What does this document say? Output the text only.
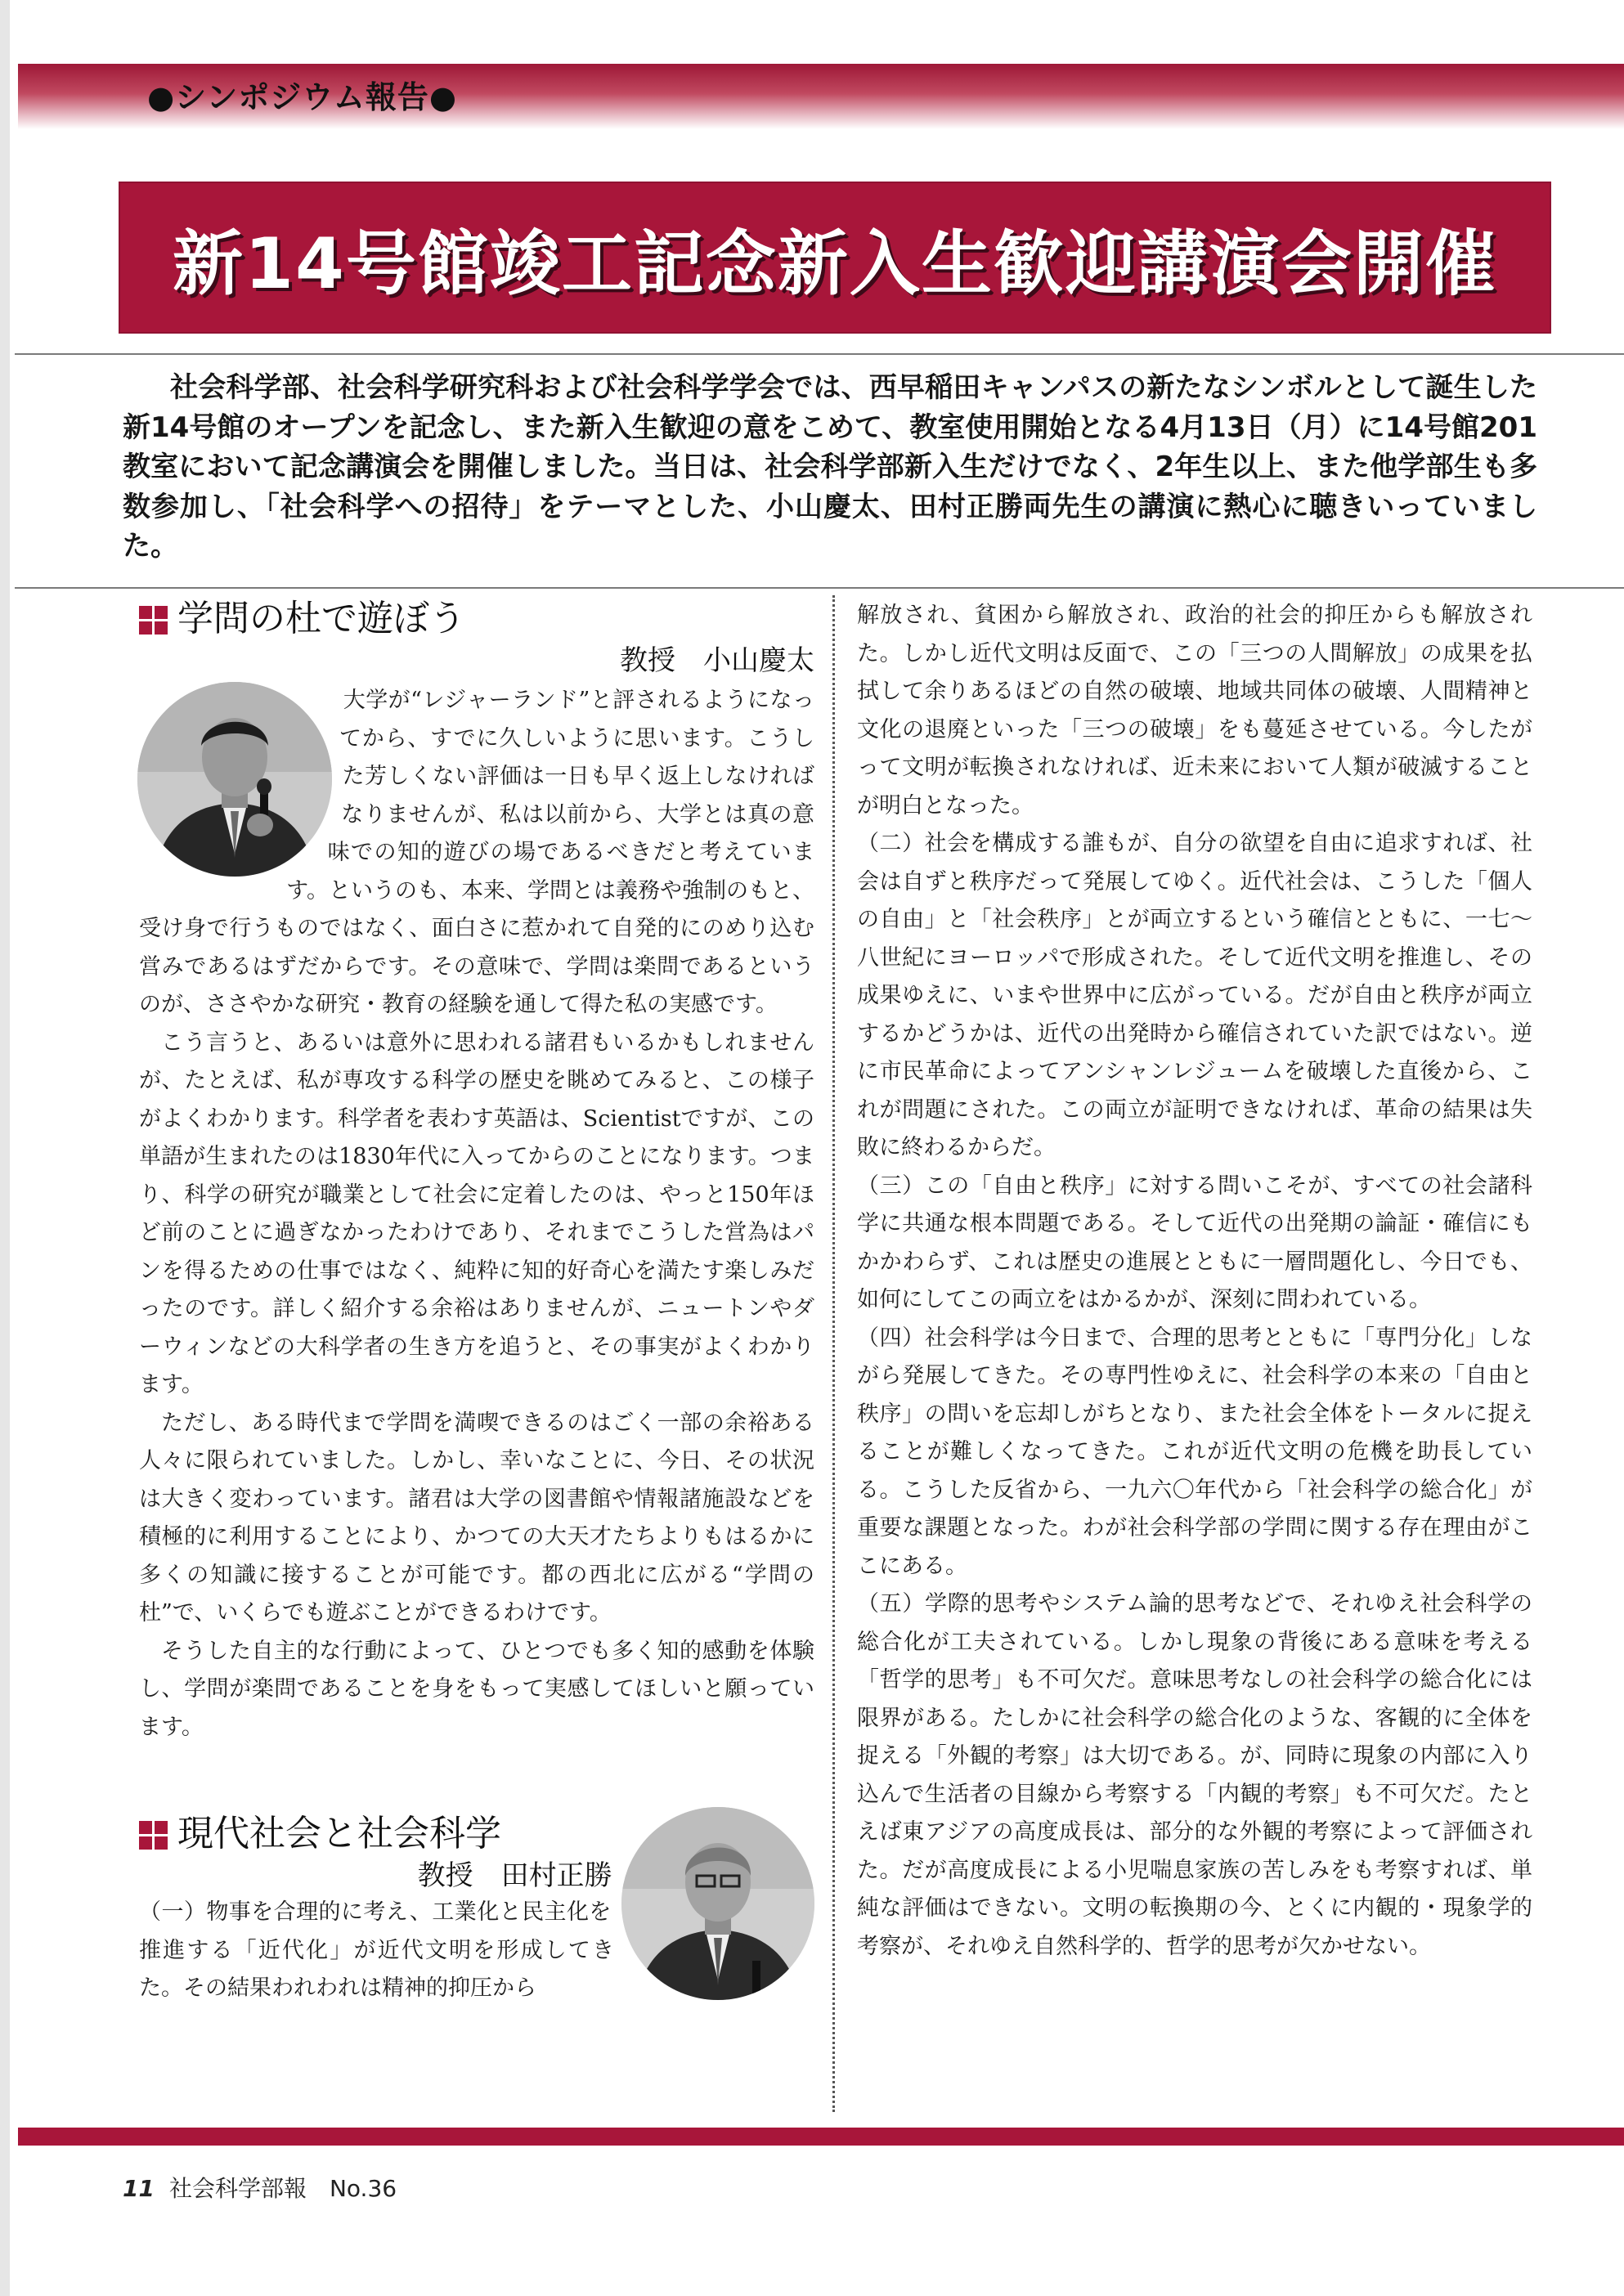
●シンポジウム報告●
新14号館竣工記念新入生歓迎講演会開催

社会科学部、社会科学研究科および社会科学学会では、西早稲田キャンパスの新たなシンボルとして誕生した新14号館のオープンを記念し、また新入生歓迎の意をこめて、教室使用開始となる4月13日（月）に14号館201教室において記念講演会を開催しました。当日は、社会科学部新入生だけでなく、2年生以上、また他学部生も多数参加し、「社会科学への招待」をテーマとした、小山慶太、田村正勝両先生の講演に熱心に聴きいっていました。

学問の杜で遊ぼう
教授　小山慶太

大学が“レジャーランド”と評されるようになってから、すでに久しいように思います。こうした芳しくない評価は一日も早く返上しなければなりませんが、私は以前から、大学とは真の意味での知的遊びの場であるべきだと考えています。というのも、本来、学問とは義務や強制のもと、受け身で行うものではなく、面白さに惹かれて自発的にのめり込む営みであるはずだからです。その意味で、学問は楽問であるというのが、ささやかな研究・教育の経験を通して得た私の実感です。

こう言うと、あるいは意外に思われる諸君もいるかもしれませんが、たとえば、私が専攻する科学の歴史を眺めてみると、この様子がよくわかります。科学者を表わす英語は、Scientistですが、この単語が生まれたのは1830年代に入ってからのことになります。つまり、科学の研究が職業として社会に定着したのは、やっと150年ほど前のことに過ぎなかったわけであり、それまでこうした営為はパンを得るための仕事ではなく、純粋に知的好奇心を満たす楽しみだったのです。詳しく紹介する余裕はありませんが、ニュートンやダーウィンなどの大科学者の生き方を追うと、その事実がよくわかります。

ただし、ある時代まで学問を満喫できるのはごく一部の余裕ある人々に限られていました。しかし、幸いなことに、今日、その状況は大きく変わっています。諸君は大学の図書館や情報諸施設などを積極的に利用することにより、かつての大天才たちよりもはるかに多くの知識に接することが可能です。都の西北に広がる“学問の杜”で、いくらでも遊ぶことができるわけです。

そうした自主的な行動によって、ひとつでも多く知的感動を体験し、学問が楽問であることを身をもって実感してほしいと願っています。

現代社会と社会科学
教授　田村正勝

（一）物事を合理的に考え、工業化と民主化を推進する「近代化」が近代文明を形成してきた。その結果われわれは精神的抑圧から

解放され、貧困から解放され、政治的社会的抑圧からも解放された。しかし近代文明は反面で、この「三つの人間解放」の成果を払拭して余りあるほどの自然の破壊、地域共同体の破壊、人間精神と文化の退廃といった「三つの破壊」をも蔓延させている。今したがって文明が転換されなければ、近未来において人類が破滅することが明白となった。

（二）社会を構成する誰もが、自分の欲望を自由に追求すれば、社会は自ずと秩序だって発展してゆく。近代社会は、こうした「個人の自由」と「社会秩序」とが両立するという確信とともに、一七～八世紀にヨーロッパで形成された。そして近代文明を推進し、その成果ゆえに、いまや世界中に広がっている。だが自由と秩序が両立するかどうかは、近代の出発時から確信されていた訳ではない。逆に市民革命によってアンシャンレジュームを破壊した直後から、これが問題にされた。この両立が証明できなければ、革命の結果は失敗に終わるからだ。

（三）この「自由と秩序」に対する問いこそが、すべての社会諸科学に共通な根本問題である。そして近代の出発期の論証・確信にもかかわらず、これは歴史の進展とともに一層問題化し、今日でも、如何にしてこの両立をはかるかが、深刻に問われている。

（四）社会科学は今日まで、合理的思考とともに「専門分化」しながら発展してきた。その専門性ゆえに、社会科学の本来の「自由と秩序」の問いを忘却しがちとなり、また社会全体をトータルに捉えることが難しくなってきた。これが近代文明の危機を助長している。こうした反省から、一九六〇年代から「社会科学の総合化」が重要な課題となった。わが社会科学部の学問に関する存在理由がここにある。

（五）学際的思考やシステム論的思考などで、それゆえ社会科学の総合化が工夫されている。しかし現象の背後にある意味を考える「哲学的思考」も不可欠だ。意味思考なしの社会科学の総合化には限界がある。たしかに社会科学の総合化のような、客観的に全体を捉える「外観的考察」は大切である。が、同時に現象の内部に入り込んで生活者の目線から考察する「内観的考察」も不可欠だ。たとえば東アジアの高度成長は、部分的な外観的考察によって評価された。だが高度成長による小児喘息家族の苦しみをも考察すれば、単純な評価はできない。文明の転換期の今、とくに内観的・現象学的考察が、それゆえ自然科学的、哲学的思考が欠かせない。

11 社会科学部報　No.36
